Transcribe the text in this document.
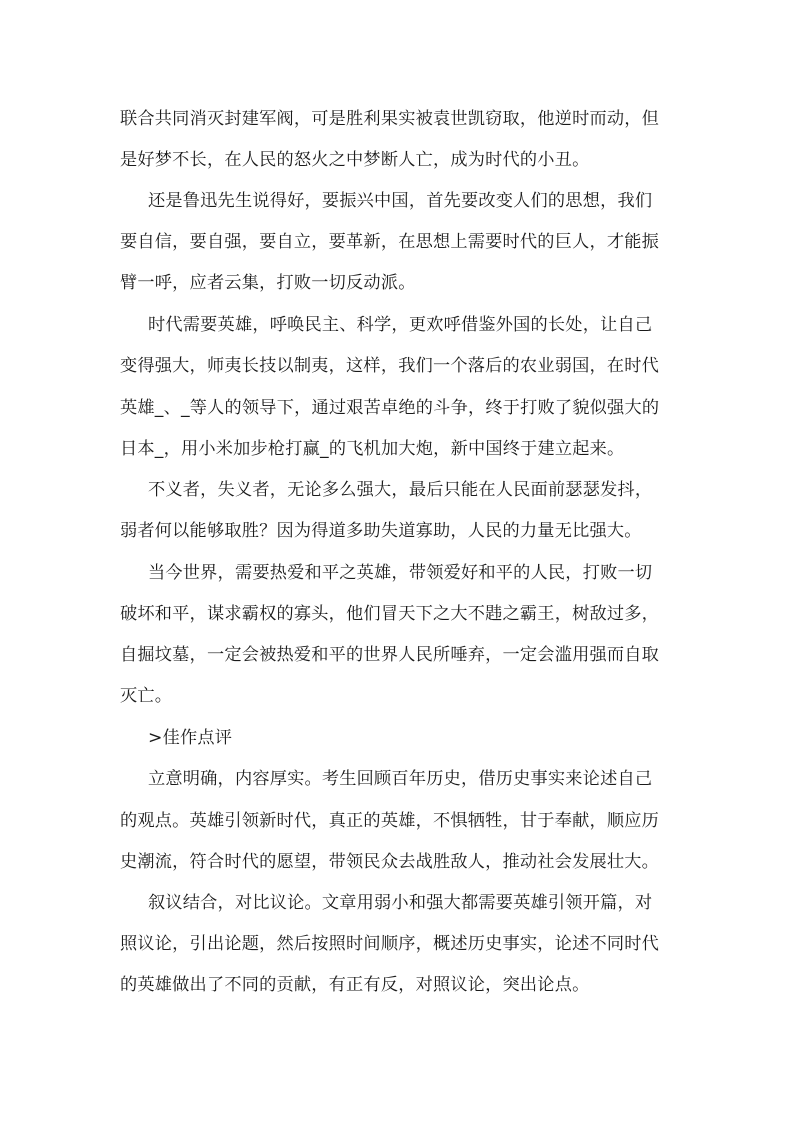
联合共同消灭封建军阀，可是胜利果实被袁世凯窃取，他逆时而动，但
是好梦不长，在人民的怒火之中梦断人亡，成为时代的小丑。
还是鲁迅先生说得好，要振兴中国，首先要改变人们的思想，我们
要自信，要自强，要自立，要革新，在思想上需要时代的巨人，才能振
臂一呼，应者云集，打败一切反动派。
时代需要英雄，呼唤民主、科学，更欢呼借鉴外国的长处，让自己
变得强大，师夷长技以制夷，这样，我们一个落后的农业弱国，在时代
英雄_、_等人的领导下，通过艰苦卓绝的斗争，终于打败了貌似强大的
日本_，用小米加步枪打赢_的飞机加大炮，新中国终于建立起来。
不义者，失义者，无论多么强大，最后只能在人民面前瑟瑟发抖，
弱者何以能够取胜？因为得道多助失道寡助，人民的力量无比强大。
当今世界，需要热爱和平之英雄，带领爱好和平的人民，打败一切
破坏和平，谋求霸权的寡头，他们冒天下之大不韪之霸王，树敌过多，
自掘坟墓，一定会被热爱和平的世界人民所唾弃，一定会滥用强而自取
灭亡。
>佳作点评
立意明确，内容厚实。考生回顾百年历史，借历史事实来论述自己
的观点。英雄引领新时代，真正的英雄，不惧牺牲，甘于奉献，顺应历
史潮流，符合时代的愿望，带领民众去战胜敌人，推动社会发展壮大。
叙议结合，对比议论。文章用弱小和强大都需要英雄引领开篇，对
照议论，引出论题，然后按照时间顺序，概述历史事实，论述不同时代
的英雄做出了不同的贡献，有正有反，对照议论，突出论点。
